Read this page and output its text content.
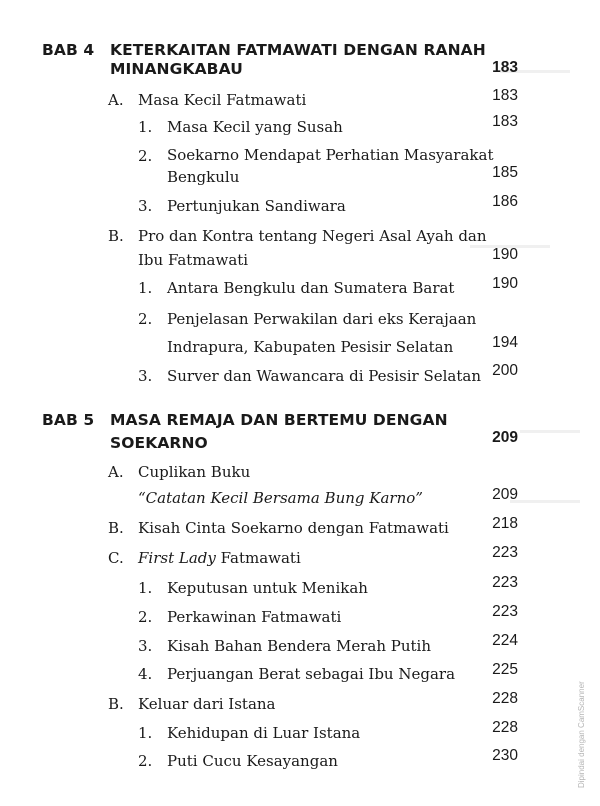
BAB 4 KETERKAITAN FATMAWATI DENGAN RANAH
MINANGKABAU	183
A. Masa Kecil Fatmawati	183
1. Masa Kecil yang Susah	183
2. Soekarno Mendapat Perhatian Masyarakat
Bengkulu	185
3. Pertunjukan Sandiwara	186
B. Pro dan Kontra tentang Negeri Asal Ayah dan
Ibu Fatmawati	190
1. Antara Bengkulu dan Sumatera Barat 190
2. Penjelasan Perwakilan dari eks Kerajaan
Indrapura, Kabupaten Pesisir Selatan	194
3. Surver dan Wawancara di Pesisir Selatan 200
BAB 5 MASA REMAJA DAN BERTEMU DENGAN
SOEKARNO	209
A. Cuplikan Buku
“Catatan Kecil Bersama Bung Karno”	209
B. Kisah Cinta Soekarno dengan Fatmawati	218
C. First Lady Fatmawati	223
1. Keputusan untuk Menikah	223
2. Perkawinan Fatmawati	223
3. Kisah Bahan Bendera Merah Putih	224
4. Perjuangan Berat sebagai Ibu Negara 225
B. Keluar dari Istana	228
1. Kehidupan di Luar Istana	228
2. Puti Cucu Kesayangan	230	Dipindai dengan CamScanner
